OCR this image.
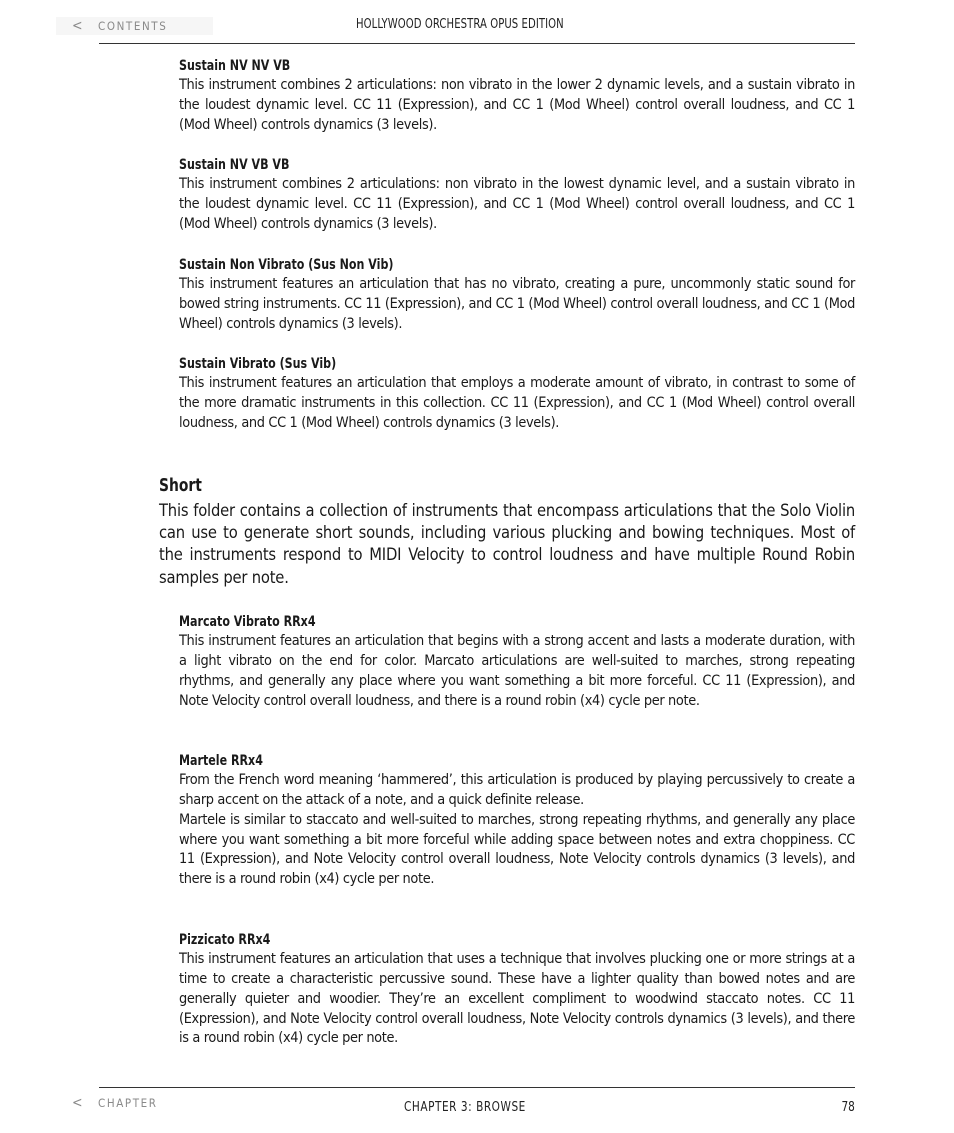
<	CONTENTS	HOLLYWOOD ORCHESTRA OPUS EDITION
Sustain NV NV VB

This instrument combines 2 articulations: non vibrato in the lower 2 dynamic levels, and a sustain vibrato in the loudest dynamic level. CC 11 (Expression), and CC 1 (Mod Wheel) control overall loudness, and CC 1 (Mod Wheel) controls dynamics (3 levels).

Sustain NV VB VB

This instrument combines 2 articulations: non vibrato in the lowest dynamic level, and a sustain vibrato in the loudest dynamic level. CC 11 (Expression), and CC 1 (Mod Wheel) control overall loudness, and CC 1 (Mod Wheel) controls dynamics (3 levels).

Sustain Non Vibrato (Sus Non Vib)

This instrument features an articulation that has no vibrato, creating a pure, uncommonly static sound for bowed string instruments. CC 11 (Expression), and CC 1 (Mod Wheel) control overall loudness, and CC 1 (Mod Wheel) controls dynamics (3 levels).

Sustain Vibrato (Sus Vib)

This instrument features an articulation that employs a moderate amount of vibrato, in contrast to some of the more dramatic instruments in this collection. CC 11 (Expression), and CC 1 (Mod Wheel) control overall loudness, and CC 1 (Mod Wheel) controls dynamics (3 levels).

Short

This folder contains a collection of instruments that encompass articulations that the Solo Violin can use to generate short sounds, including various plucking and bowing techniques. Most of the instruments respond to MIDI Velocity to control loudness and have multiple Round Robin samples per note.

Marcato Vibrato RRx4

This instrument features an articulation that begins with a strong accent and lasts a moderate duration, with a light vibrato on the end for color. Marcato articulations are well-suited to marches, strong repeating rhythms, and generally any place where you want something a bit more forceful. CC 11 (Expression), and Note Velocity control overall loudness, and there is a round robin (x4) cycle per note.

Martele RRx4

From the French word meaning ‘hammered’, this articulation is produced by playing percussively to create a sharp accent on the attack of a note, and a quick definite release.

Martele is similar to staccato and well-suited to marches, strong repeating rhythms, and generally any place where you want something a bit more forceful while adding space between notes and extra choppiness. CC 11 (Expression), and Note Velocity control overall loudness, Note Velocity controls dynamics (3 levels), and there is a round robin (x4) cycle per note.

Pizzicato RRx4

This instrument features an articulation that uses a technique that involves plucking one or more strings at a time to create a characteristic percussive sound. These have a lighter quality than bowed notes and are generally quieter and woodier. They’re an excellent compliment to woodwind staccato notes. CC 11 (Expression), and Note Velocity control overall loudness, Note Velocity controls dynamics (3 levels), and there is a round robin (x4) cycle per note.

<	CHAPTER	CHAPTER 3: BROWSE	78
